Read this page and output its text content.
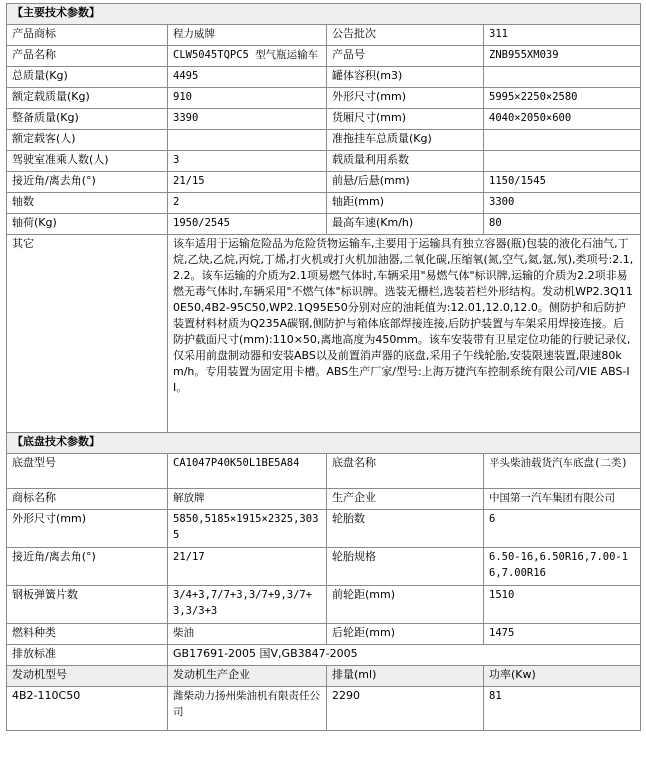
【主要技术参数】			
产品商标	程力威牌	公告批次	311
产品名称	CLW5045TQPC5 型气瓶运输车	产品号	ZNB955XM039
总质量(Kg)	4495	罐体容积(m3)	
额定载质量(Kg)	910	外形尺寸(mm)	5995×2250×2580
整备质量(Kg)	3390	货厢尺寸(mm)	4040×2050×600
额定载客(人)		准拖挂车总质量(Kg)	
驾驶室准乘人数(人)	3	载质量利用系数	
接近角/离去角(°)	21/15	前悬/后悬(mm)	1150/1545
轴数	2	轴距(mm)	3300
轴荷(Kg)	1950/2545	最高车速(Km/h)	80
其它	该车适用于运输危险品为危险货物运输车,主要用于运输具有独立容器(瓶)包装的液化石油气,丁烷,乙炔,乙烷,丙烷,丁烯,打火机或打火机加油器,二氧化碳,压缩氧(氮,空气,氦,氩,氖),类项号:2.1,2.2。该车运输的介质为2.1项易燃气体时,车辆采用"易燃气体"标识牌,运输的介质为2.2项非易燃无毒气体时,车辆采用"不燃气体"标识牌。选装无栅栏,选装若栏外形结构。发动机WP2.3Q110E50,4B2-95C50,WP2.1Q95E50分别对应的油耗值为:12.01,12.0,12.0。侧防护和后防护装置材料材质为Q235A碳钢,侧防护与箱体底部焊接连接,后防护装置与车架采用焊接连接。后防护截面尺寸(mm):110×50,离地高度为450mm。该车安装带有卫星定位功能的行驶记录仪,仅采用前盘制动器和安装ABS以及前置消声器的底盘,采用子午线轮胎,安装限速装置,限速80km/h。专用装置为固定用卡槽。ABS生产厂家/型号:上海万捷汽车控制系统有限公司/VIE ABS-II。		
【底盘技术参数】			
底盘型号	CA1047P40K50L1BE5A84	底盘名称	平头柴油载货汽车底盘(二类)
商标名称	解放牌	生产企业	中国第一汽车集团有限公司
外形尺寸(mm)	5850,5185×1915×2325,3035	轮胎数	6
接近角/离去角(°)	21/17	轮胎规格	6.50-16,6.50R16,7.00-16,7.00R16
钢板弹簧片数	3/4+3,7/7+3,3/7+9,3/7+3,3/3+3	前轮距(mm)	1510
燃料种类	柴油	后轮距(mm)	1475
排放标准	GB17691-2005 国Ⅴ,GB3847-2005		
发动机型号	发动机生产企业	排量(ml)	功率(Kw)
4B2-110C50	潍柴动力扬州柴油机有限责任公司	2290	81
